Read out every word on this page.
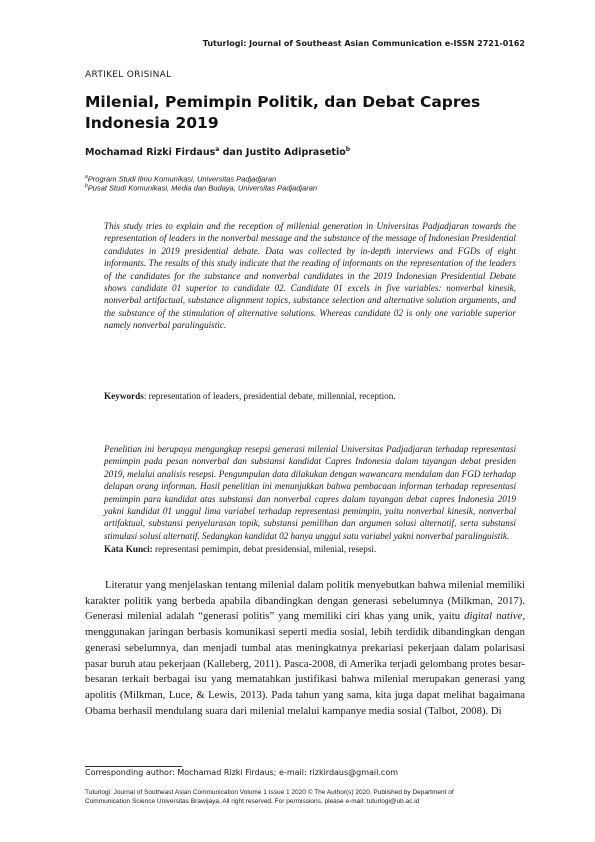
Tuturlogi: Journal of Southeast Asian Communication e-ISSN 2721-0162
ARTIKEL ORISINAL
Milenial, Pemimpin Politik, dan Debat Capres Indonesia 2019
Mochamad Rizki Firdaus$^a$ dan Justito Adiprasetio$^b$
$^a$Program Studi Ilmu Komunikasi, Universitas Padjadjaran
$^b$Pusat Studi Komunikasi, Media dan Budaya, Universitas Padjadjaran

This study tries to explain and the reception of millenial generation in Universitas Padjadjaran towards the representation of leaders in the nonverbal message and the substance of the message of Indonesian Presidential candidates in 2019 presidential debate. Data was collected by in-depth interviews and FGDs of eight informants. The results of this study indicate that the reading of informants on the representation of the leaders of the candidates for the substance and nonverbal candidates in the 2019 Indonesian Presidential Debate shows candidate 01 superior to candidate 02. Candidate 01 excels in five variables: nonverbal kinesik, nonverbal artifactual, substance alignment topics, substance selection and alternative solution arguments, and the substance of the stimulation of alternative solutions. Whereas candidate 02 is only one variable superior namely nonverbal paralinguistic.

Keywords: representation of leaders, presidential debate, millennial, reception.

Penelitian ini berupaya mengungkap resepsi generasi milenial Universitas Padjadjaran terhadap representasi pemimpin pada pesan nonverbal dan substansi kandidat Capres Indonesia dalam tayangan debat presiden 2019, melalui analisis resepsi. Pengumpulan data dilakukan dengan wawancara mendalam dan FGD terhadap delapan orang informan. Hasil penelitian ini menunjukkan bahwa pembacaan informan terhadap representasi pemimpin para kandidat atas substansi dan nonverbal capres dalam tayangan debat capres Indonesia 2019 yakni kandidat 01 unggul lima variabel terhadap representasi pemimpin, yaitu nonverbal kinesik, nonverbal artifaktual, substansi penyelarasan topik, substansi pemilihan dan argumen solusi alternatif, serta substansi stimulasi solusi alternatif. Sedangkan kandidat 02 hanya unggul satu variabel yakni nonverbal paralinguistik.

Kata Kunci: representasi pemimpin, debat presidensial, milenial, resepsi.

Literatur yang menjelaskan tentang milenial dalam politik menyebutkan bahwa milenial memiliki karakter politik yang berbeda apabila dibandingkan dengan generasi sebelumnya (Milkman, 2017). Generasi milenial adalah “generasi politis” yang memiliki ciri khas yang unik, yaitu digital native, menggunakan jaringan berbasis komunikasi seperti media sosial, lebih terdidik dibandingkan dengan generasi sebelumnya, dan menjadi tumbal atas meningkatnya prekariasi pekerjaan dalam polarisasi pasar buruh atau pekerjaan (Kalleberg, 2011). Pasca-2008, di Amerika terjadi gelombang protes besar-besaran terkait berbagai isu yang mematahkan justifikasi bahwa milenial merupakan generasi yang apolitis (Milkman, Luce, & Lewis, 2013). Pada tahun yang sama, kita juga dapat melihat bagaimana Obama berhasil mendulang suara dari milenial melalui kampanye media sosial (Talbot, 2008). Di

Corresponding author: Mochamad Rizki Firdaus; e-mail: rizkirdaus@gmail.com

Tuturlogi: Journal of Southeast Asian Communication Volume 1 Issue 1 2020 © The Author(s) 2020. Published by Department of
Communication Science Universitas Brawijaya. All right reserved. For permissions, please e-mail: tuturlogi@ub.ac.id
